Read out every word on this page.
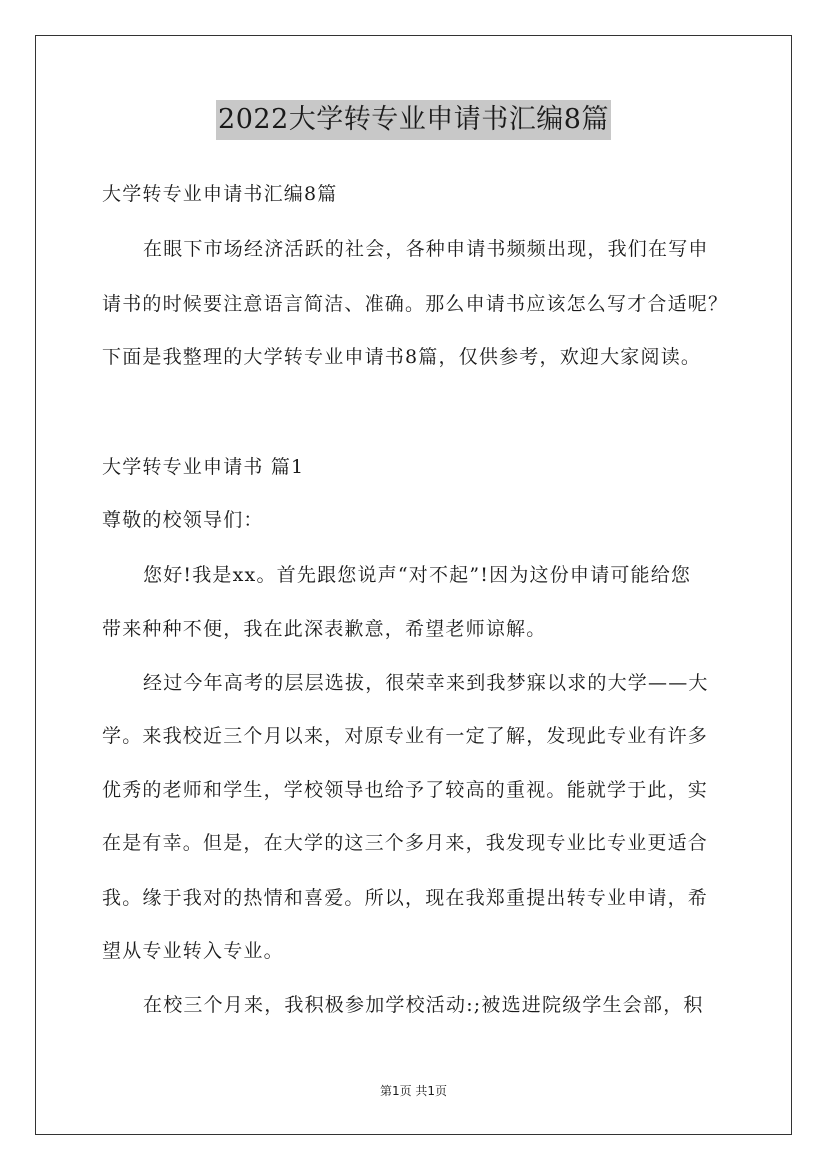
2022大学转专业申请书汇编8篇
大学转专业申请书汇编8篇
在眼下市场经济活跃的社会，各种申请书频频出现，我们在写申
请书的时候要注意语言简洁、准确。那么申请书应该怎么写才合适呢？
下面是我整理的大学转专业申请书8篇，仅供参考，欢迎大家阅读。
大学转专业申请书 篇1
尊敬的校领导们：
您好!我是xx。首先跟您说声“对不起”!因为这份申请可能给您
带来种种不便，我在此深表歉意，希望老师谅解。
经过今年高考的层层选拔，很荣幸来到我梦寐以求的大学——大
学。来我校近三个月以来，对原专业有一定了解，发现此专业有许多
优秀的老师和学生，学校领导也给予了较高的重视。能就学于此，实
在是有幸。但是，在大学的这三个多月来，我发现专业比专业更适合
我。缘于我对的热情和喜爱。所以，现在我郑重提出转专业申请，希
望从专业转入专业。
在校三个月来，我积极参加学校活动:;被选进院级学生会部，积
第1页 共1页
